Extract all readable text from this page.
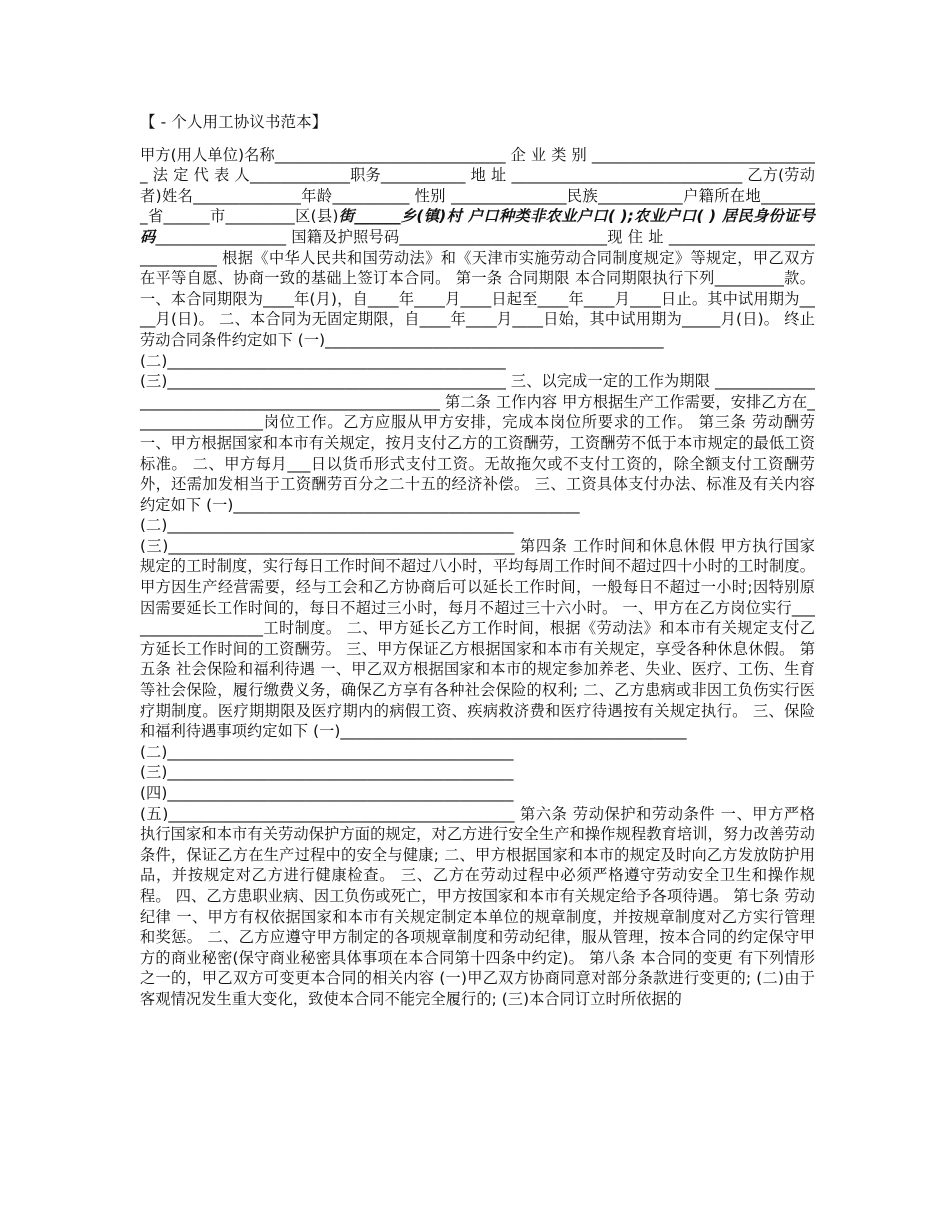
【 - 个人用工协议书范本】

甲方(用人单位)名称______________________________ 企 业 类 别 ______________________________ 法 定 代 表 人_____________职务___________ 地 址 ______________________________ 乙方(劳动者)姓名______________年龄__________ 性别 _______________民族___________户籍所在地________省______市_________区(县)街______乡(镇)村 户口种类非农业户口( );农业户口( ) 居民身份证号码_________________ 国籍及护照号码___________________________现 住 址 _____________________________ 根据《中华人民共和国劳动法》和《天津市实施劳动合同制度规定》等规定，甲乙双方在平等自愿、协商一致的基础上签订本合同。 第一条 合同期限 本合同期限执行下列_________款。 一、本合同期限为____年(月)，自____年____月____日起至____年____月____日止。其中试用期为____月(日)。 二、本合同为无固定期限，自____年____月____日始，其中试用期为_____月(日)。 终止劳动合同条件约定如下 (一)____________________________________________
(二)____________________________________________
(三)____________________________________________ 三、以完成一定的工作为期限 ____________________________________________________ 第二条 工作内容 甲方根据生产工作需要，安排乙方在_________________岗位工作。乙方应服从甲方安排，完成本岗位所要求的工作。 第三条 劳动酬劳 一、甲方根据国家和本市有关规定，按月支付乙方的工资酬劳，工资酬劳不低于本市规定的最低工资标准。 二、甲方每月___日以货币形式支付工资。无故拖欠或不支付工资的，除全额支付工资酬劳外，还需加发相当于工资酬劳百分之二十五的经济补偿。 三、工资具体支付办法、标准及有关内容约定如下 (一)_____________________________________________
(二)_____________________________________________
(三)_____________________________________________ 第四条 工作时间和休息休假 甲方执行国家规定的工时制度，实行每日工作时间不超过八小时，平均每周工作时间不超过四十小时的工时制度。甲方因生产经营需要，经与工会和乙方协商后可以延长工作时间，一般每日不超过一小时;因特别原因需要延长工作时间的，每日不超过三小时，每月不超过三十六小时。 一、甲方在乙方岗位实行___________________工时制度。 二、甲方延长乙方工作时间，根据《劳动法》和本市有关规定支付乙方延长工作时间的工资酬劳。 三、甲方保证乙方根据国家和本市有关规定，享受各种休息休假。 第五条 社会保险和福利待遇 一、甲乙双方根据国家和本市的规定参加养老、失业、医疗、工伤、生育等社会保险，履行缴费义务，确保乙方享有各种社会保险的权利; 二、乙方患病或非因工负伤实行医疗期制度。医疗期期限及医疗期内的病假工资、疾病救济费和医疗待遇按有关规定执行。 三、保险和福利待遇事项约定如下 (一)_____________________________________________
(二)_____________________________________________
(三)_____________________________________________
(四)_____________________________________________
(五)_____________________________________________ 第六条 劳动保护和劳动条件 一、甲方严格执行国家和本市有关劳动保护方面的规定，对乙方进行安全生产和操作规程教育培训，努力改善劳动条件，保证乙方在生产过程中的安全与健康; 二、甲方根据国家和本市的规定及时向乙方发放防护用品，并按规定对乙方进行健康检查。 三、乙方在劳动过程中必须严格遵守劳动安全卫生和操作规程。 四、乙方患职业病、因工负伤或死亡，甲方按国家和本市有关规定给予各项待遇。 第七条 劳动纪律 一、甲方有权依据国家和本市有关规定制定本单位的规章制度，并按规章制度对乙方实行管理和奖惩。 二、乙方应遵守甲方制定的各项规章制度和劳动纪律，服从管理，按本合同的约定保守甲方的商业秘密(保守商业秘密具体事项在本合同第十四条中约定)。 第八条 本合同的变更 有下列情形之一的，甲乙双方可变更本合同的相关内容 (一)甲乙双方协商同意对部分条款进行变更的; (二)由于客观情况发生重大变化，致使本合同不能完全履行的; (三)本合同订立时所依据的
